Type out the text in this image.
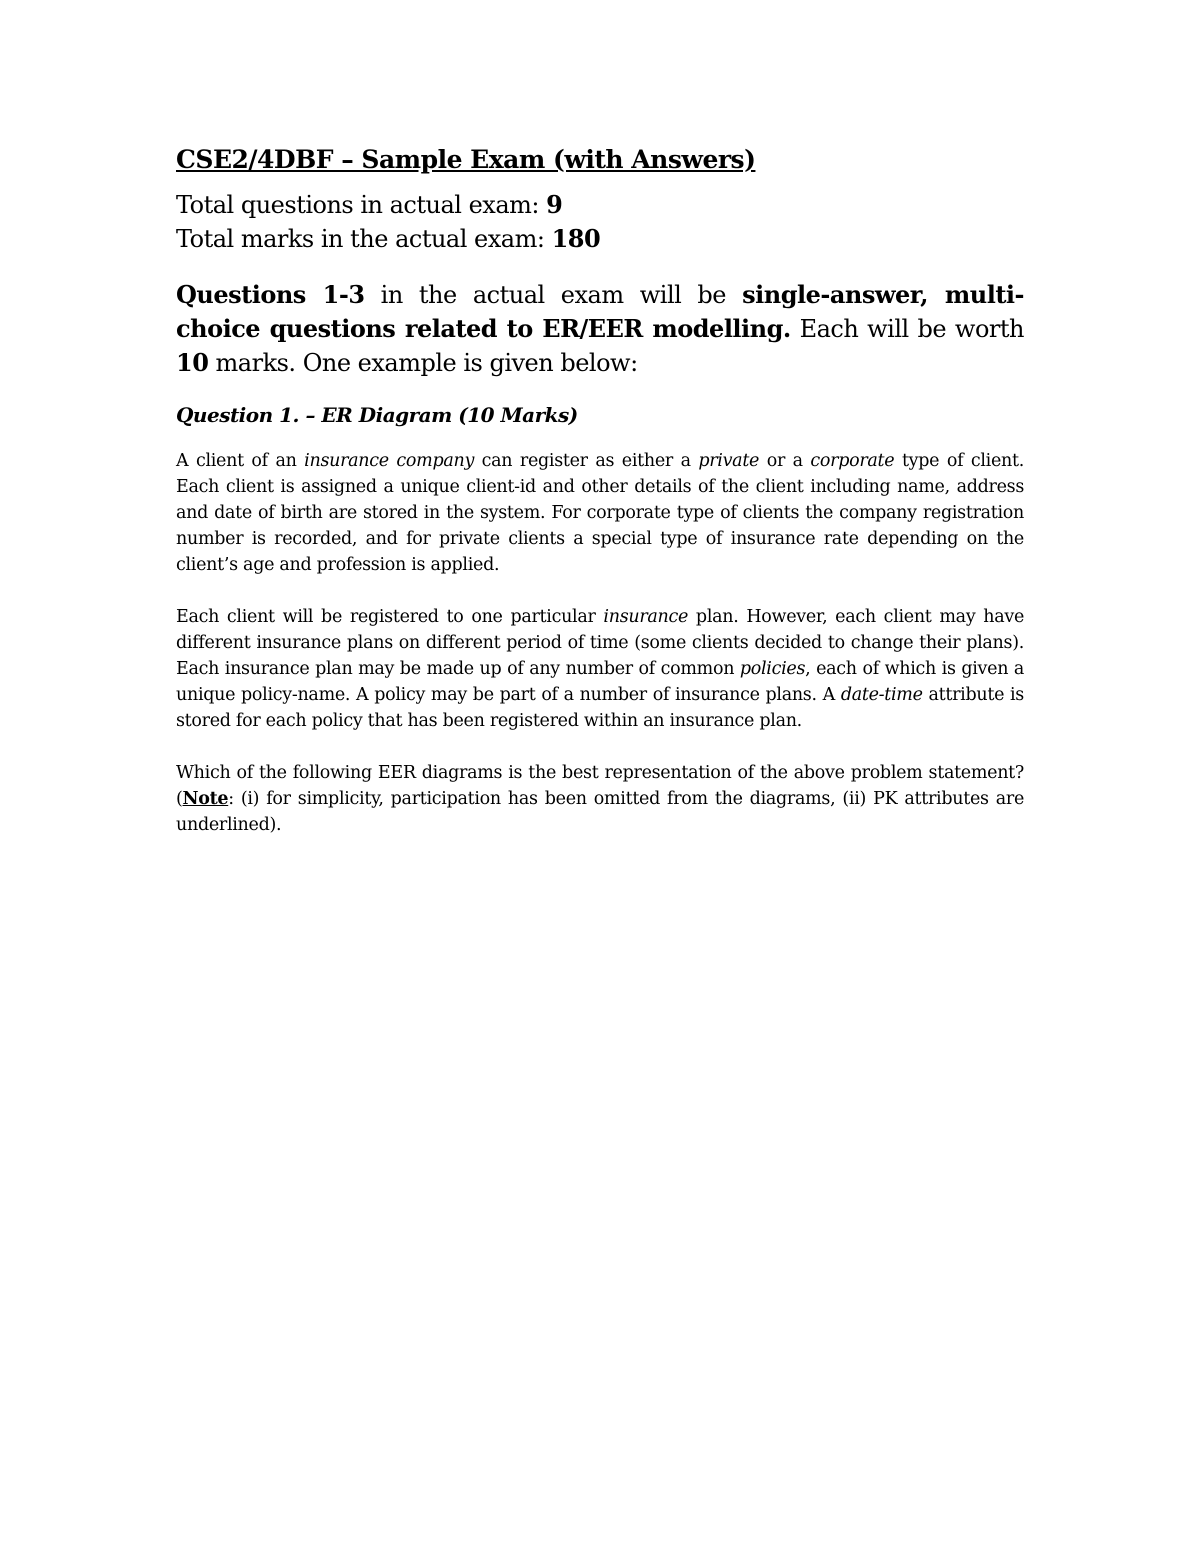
CSE2/4DBF – Sample Exam (with Answers)
Total questions in actual exam: 9
Total marks in the actual exam: 180
Questions 1-3 in the actual exam will be single-answer, multi-choice questions related to ER/EER modelling. Each will be worth 10 marks. One example is given below:
Question 1. – ER Diagram (10 Marks)

A client of an insurance company can register as either a private or a corporate type of client. Each client is assigned a unique client-id and other details of the client including name, address and date of birth are stored in the system. For corporate type of clients the company registration number is recorded, and for private clients a special type of insurance rate depending on the client’s age and profession is applied.

Each client will be registered to one particular insurance plan. However, each client may have different insurance plans on different period of time (some clients decided to change their plans). Each insurance plan may be made up of any number of common policies, each of which is given a unique policy-name. A policy may be part of a number of insurance plans. A date-time attribute is stored for each policy that has been registered within an insurance plan.

Which of the following EER diagrams is the best representation of the above problem statement? (Note: (i) for simplicity, participation has been omitted from the diagrams, (ii) PK attributes are underlined).
